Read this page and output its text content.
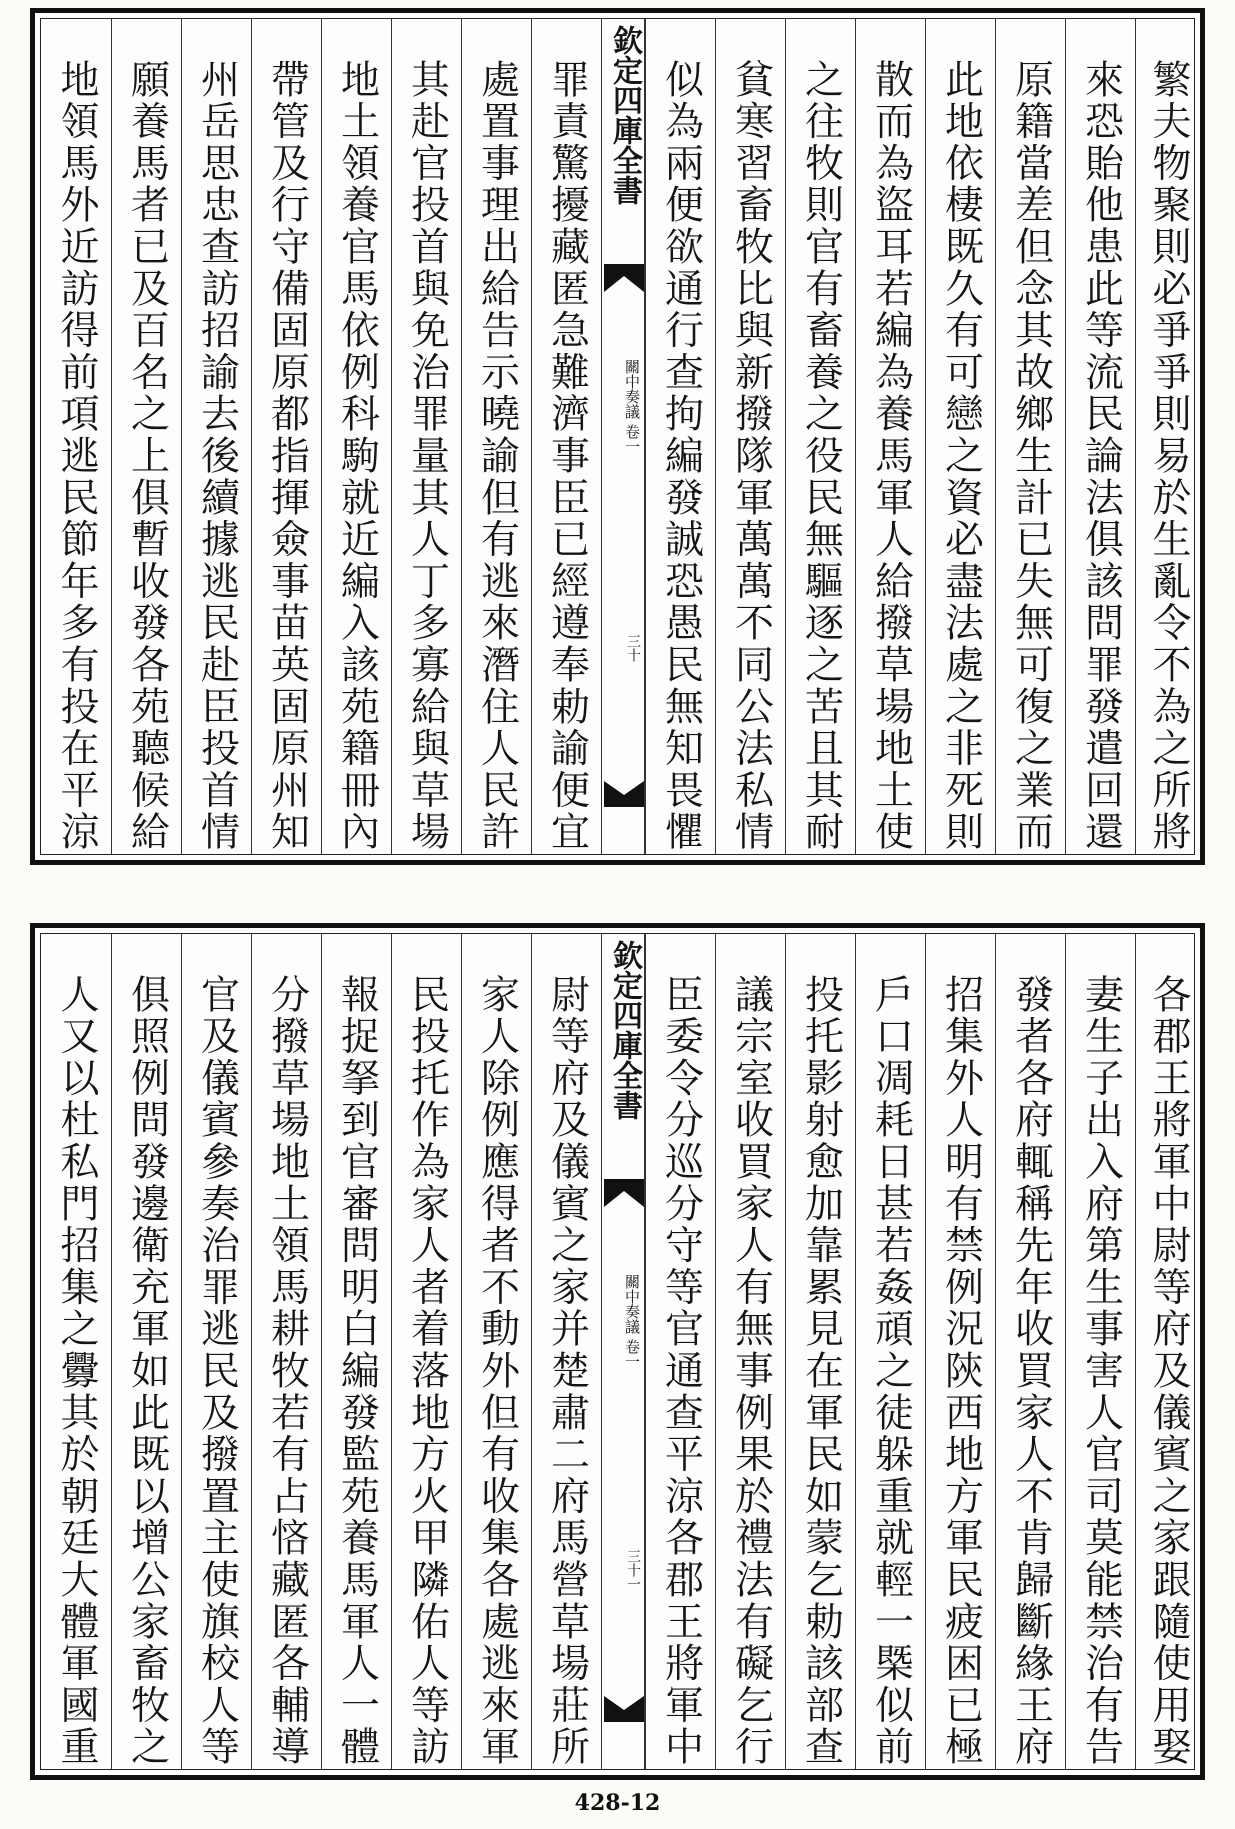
地領馬外近訪得前項逃民節年多有投在平涼 願養馬者已及百名之上俱暫收發各苑聽候給 州岳思忠查訪招諭去後續據逃民赴臣投首情 帶管及行守備固原都指揮僉事苗英固原州知 地土領養官馬依例科駒就近編入該苑籍冊內 其赴官投首與免治罪量其人丁多寡給與草場 處置事理出給告示曉諭但有逃來潛住人民許 罪責驚擾藏匿急難濟事臣已經遵奉勅諭便宜 欽定四庫全書
關中奏議 卷一
三十 似為兩便欲通行查拘編發誠恐愚民無知畏懼 貧寒習畜牧比與新撥隊軍萬萬不同公法私情 之往牧則官有畜養之役民無驅逐之苦且其耐 散而為盜耳若編為養馬軍人給撥草場地土使 此地依棲既久有可戀之資必盡法處之非死則 原籍當差但念其故鄉生計已失無可復之業而 來恐貽他患此等流民論法俱該問罪發遣回還 繁夫物聚則必爭爭則易於生亂令不為之所將
人又以杜私門招集之釁其於朝廷大體軍國重 俱照例問發邊衛充軍如此既以增公家畜牧之 官及儀賓參奏治罪逃民及撥置主使旗校人等 分撥草場地土領馬耕牧若有占悋藏匿各輔導 報捉拏到官審問明白編發監苑養馬軍人一體 民投托作為家人者着落地方火甲隣佑人等訪 家人除例應得者不動外但有收集各處逃來軍 尉等府及儀賓之家并楚肅二府馬營草場莊所 欽定四庫全書
關中奏議 卷一
三十一 臣委令分巡分守等官通查平涼各郡王將軍中 議宗室收買家人有無事例果於禮法有礙乞行 投托影射愈加靠累見在軍民如蒙乞勅該部查 戶口凋耗日甚若姦頑之徒躲重就輕一槩似前 招集外人明有禁例況陝西地方軍民疲困已極 發者各府輒稱先年收買家人不肯歸斷緣王府 妻生子出入府第生事害人官司莫能禁治有告 各郡王將軍中尉等府及儀賓之家跟隨使用娶
428-12
